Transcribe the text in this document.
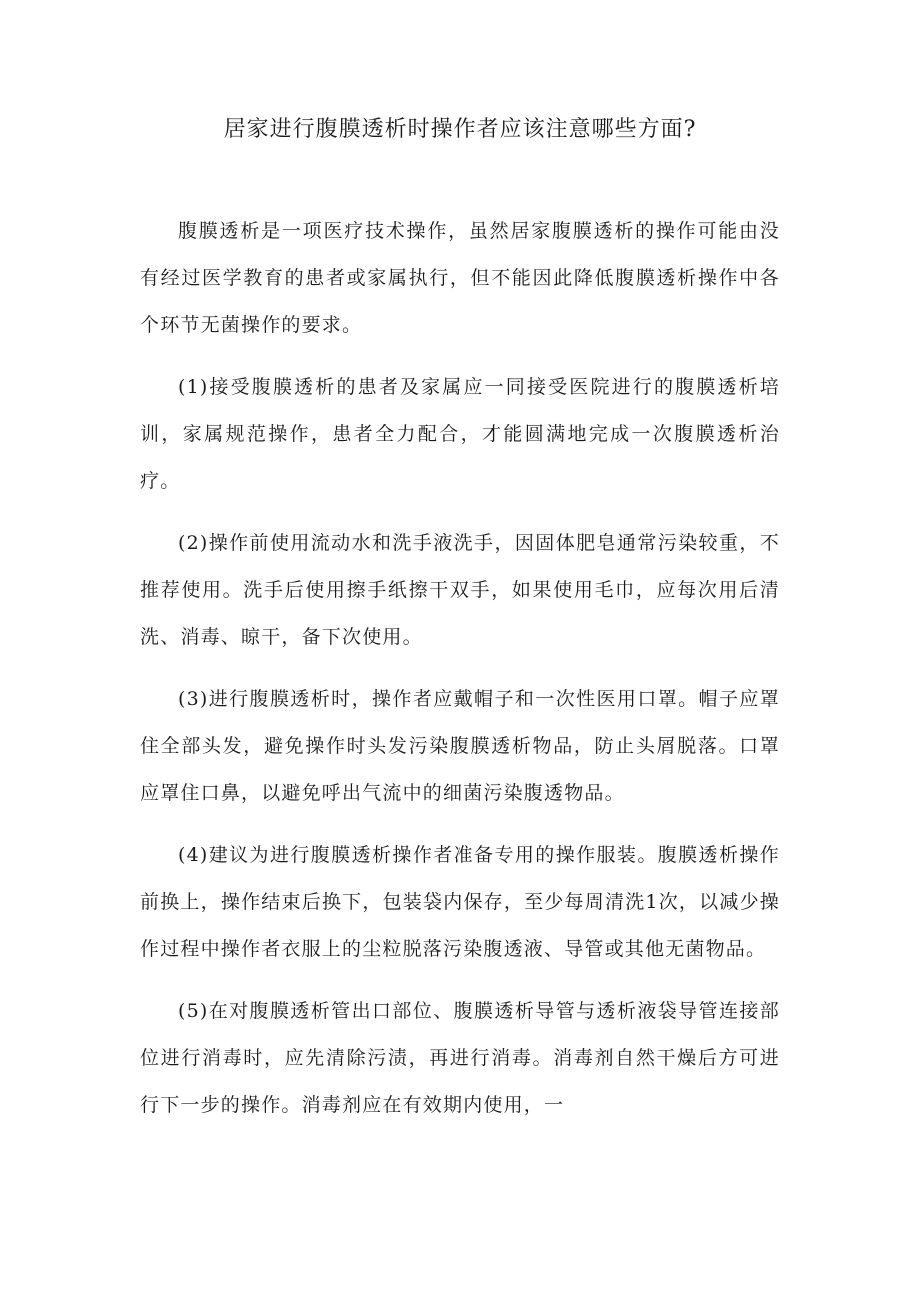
居家进行腹膜透析时操作者应该注意哪些方面?

腹膜透析是一项医疗技术操作，虽然居家腹膜透析的操作可能由没有经过医学教育的患者或家属执行，但不能因此降低腹膜透析操作中各个环节无菌操作的要求。

(1)接受腹膜透析的患者及家属应一同接受医院进行的腹膜透析培训，家属规范操作，患者全力配合，才能圆满地完成一次腹膜透析治疗。

(2)操作前使用流动水和洗手液洗手，因固体肥皂通常污染较重，不推荐使用。洗手后使用擦手纸擦干双手，如果使用毛巾，应每次用后清洗、消毒、晾干，备下次使用。

(3)进行腹膜透析时，操作者应戴帽子和一次性医用口罩。帽子应罩住全部头发，避免操作时头发污染腹膜透析物品，防止头屑脱落。口罩应罩住口鼻，以避免呼出气流中的细菌污染腹透物品。

(4)建议为进行腹膜透析操作者准备专用的操作服装。腹膜透析操作前换上，操作结束后换下，包装袋内保存，至少每周清洗1次，以减少操作过程中操作者衣服上的尘粒脱落污染腹透液、导管或其他无菌物品。

(5)在对腹膜透析管出口部位、腹膜透析导管与透析液袋导管连接部位进行消毒时，应先清除污渍，再进行消毒。消毒剂自然干燥后方可进行下一步的操作。消毒剂应在有效期内使用，一
